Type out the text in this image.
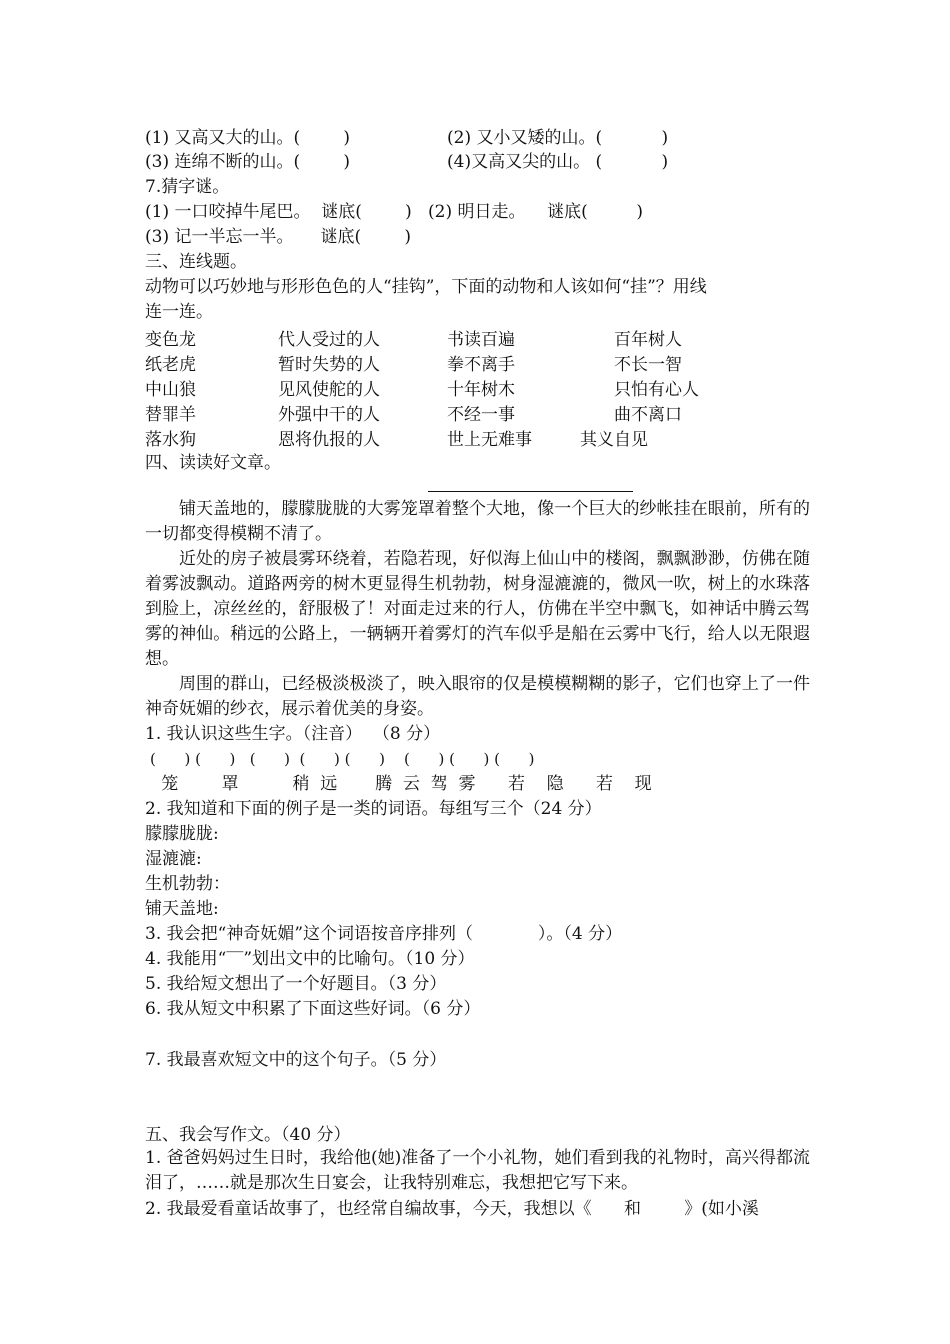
(1) 又高又大的山。(        )	(2) 又小又矮的山。(           )
(3) 连绵不断的山。(        )	(4)又高又尖的山。 (           )
7.猜字谜。
(1) 一口咬掉牛尾巴。  谜底(        )   (2) 明日走。    谜底(         )
(3) 记一半忘一半。     谜底(        )
三、连线题。
动物可以巧妙地与形形色色的人“挂钩”，下面的动物和人该如何“挂”？用线
连一连。
变色龙	代人受过的人	书读百遍	百年树人
纸老虎	暂时失势的人	拳不离手	不长一智
中山狼	见风使舵的人	十年树木	只怕有心人
替罪羊	外强中干的人	不经一事	曲不离口
落水狗	恩将仇报的人	世上无难事	其义自见
四、读读好文章。
铺天盖地的，朦朦胧胧的大雾笼罩着整个大地，像一个巨大的纱帐挂在眼前，所有的一切都变得模糊不清了。
近处的房子被晨雾环绕着，若隐若现，好似海上仙山中的楼阁，飘飘渺渺，仿佛在随着雾波飘动。道路两旁的树木更显得生机勃勃，树身湿漉漉的，微风一吹，树上的水珠落到脸上，凉丝丝的，舒服极了！对面走过来的行人，仿佛在半空中飘飞，如神话中腾云驾雾的神仙。稍远的公路上，一辆辆开着雾灯的汽车似乎是船在云雾中飞行，给人以无限遐想。
周围的群山，已经极淡极淡了，映入眼帘的仅是模模糊糊的影子，它们也穿上了一件神奇妩媚的纱衣，展示着优美的身姿。
1. 我认识这些生字。（注音）  （8 分）
(      ) (      )   (      )  (      ) (      )    (      ) (      ) (      )
笼        罩          稍  远       腾  云  驾  雾      若    隐      若    现
2. 我知道和下面的例子是一类的词语。每组写三个（24 分）
朦朦胧胧:
湿漉漉:
生机勃勃：
铺天盖地:
3. 我会把“神奇妩媚”这个词语按音序排列（            ）。（4 分）
4. 我能用“‾‾”划出文中的比喻句。（10 分）
5. 我给短文想出了一个好题目。（3 分）
6. 我从短文中积累了下面这些好词。（6 分）
7. 我最喜欢短文中的这个句子。（5 分）
五、我会写作文。（40 分）
1. 爸爸妈妈过生日时，我给他(她)准备了一个小礼物，她们看到我的礼物时，高兴得都流泪了，……就是那次生日宴会，让我特别难忘，我想把它写下来。
2. 我最爱看童话故事了，也经常自编故事，今天，我想以《      和        》(如小溪
